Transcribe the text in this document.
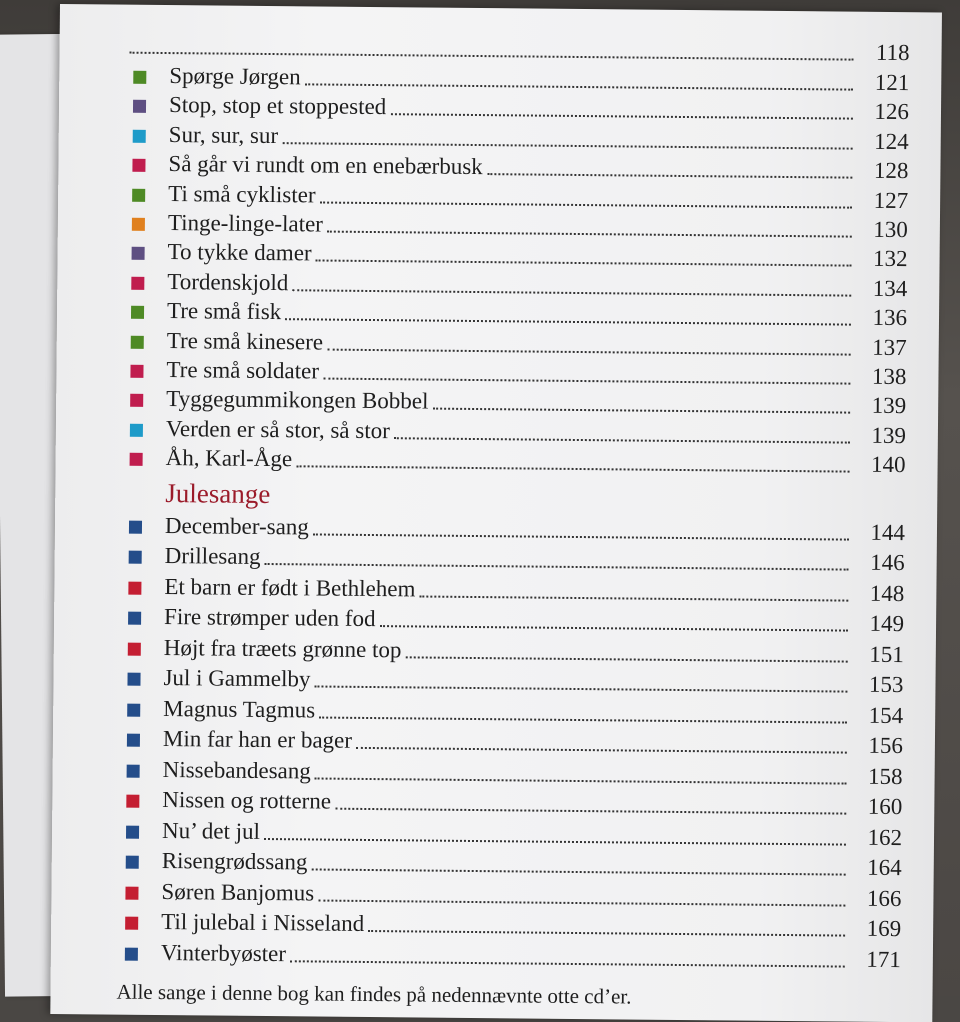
118
Julesange
Alle sange i denne bog kan findes på nedennævnte otte cd’er.
Spørge Jørgen	121
Stop, stop et stoppested	126
Sur, sur, sur	124
Så går vi rundt om en enebærbusk	128
Ti små cyklister	127
Tinge-linge-later	130
To tykke damer	132
Tordenskjold	134
Tre små fisk	136
Tre små kinesere	137
Tre små soldater	138
Tyggegummikongen Bobbel	139
Verden er så stor, så stor	139
Åh, Karl-Åge	140
December-sang	144
Drillesang	146
Et barn er født i Bethlehem	148
Fire strømper uden fod	149
Højt fra træets grønne top	151
Jul i Gammelby	153
Magnus Tagmus	154
Min far han er bager	156
Nissebandesang	158
Nissen og rotterne	160
Nu’ det jul	162
Risengrødssang	164
Søren Banjomus	166
Til julebal i Nisseland	169
Vinterbyøster	171
